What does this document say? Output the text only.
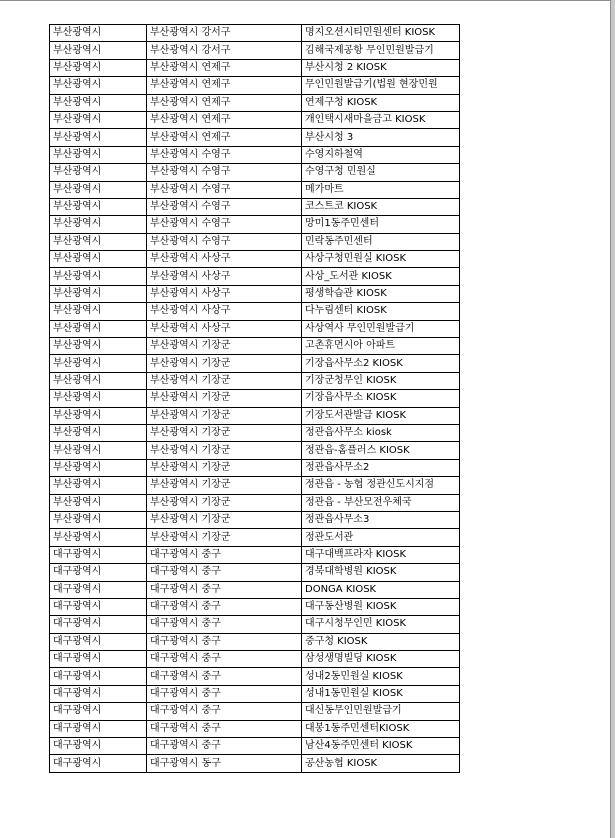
부산광역시	부산광역시 강서구	명지오션시티민원센터 KIOSK
부산광역시	부산광역시 강서구	김해국제공항 무인민원발급기
부산광역시	부산광역시 연제구	부산시청 2 KIOSK
부산광역시	부산광역시 연제구	무인민원발급기(법원 현장민원
부산광역시	부산광역시 연제구	연제구청 KIOSK
부산광역시	부산광역시 연제구	개인택시새마을금고 KIOSK
부산광역시	부산광역시 연제구	부산시청 3
부산광역시	부산광역시 수영구	수영지하철역
부산광역시	부산광역시 수영구	수영구청 민원실
부산광역시	부산광역시 수영구	메가마트
부산광역시	부산광역시 수영구	코스트코 KIOSK
부산광역시	부산광역시 수영구	망미1동주민센터
부산광역시	부산광역시 수영구	민락동주민센터
부산광역시	부산광역시 사상구	사상구청민원실 KIOSK
부산광역시	부산광역시 사상구	사상_도서관 KIOSK
부산광역시	부산광역시 사상구	평생학습관 KIOSK
부산광역시	부산광역시 사상구	다누림센터 KIOSK
부산광역시	부산광역시 사상구	사상역사 무인민원발급기
부산광역시	부산광역시 기장군	고촌휴먼시아 아파트
부산광역시	부산광역시 기장군	기장읍사무소2 KIOSK
부산광역시	부산광역시 기장군	기장군청무인 KIOSK
부산광역시	부산광역시 기장군	기장읍사무소 KIOSK
부산광역시	부산광역시 기장군	기장도서관발급 KIOSK
부산광역시	부산광역시 기장군	정관읍사무소 kiosk
부산광역시	부산광역시 기장군	정관읍-홈플러스 KIOSK
부산광역시	부산광역시 기장군	정관읍사무소2
부산광역시	부산광역시 기장군	정관읍 - 농협 정관신도시지점
부산광역시	부산광역시 기장군	정관읍 - 부산모전우체국
부산광역시	부산광역시 기장군	정관읍사무소3
부산광역시	부산광역시 기장군	정관도서관
대구광역시	대구광역시 중구	대구대백프라자 KIOSK
대구광역시	대구광역시 중구	경북대학병원 KIOSK
대구광역시	대구광역시 중구	DONGA KIOSK
대구광역시	대구광역시 중구	대구동산병원 KIOSK
대구광역시	대구광역시 중구	대구시청무인민 KIOSK
대구광역시	대구광역시 중구	중구청 KIOSK
대구광역시	대구광역시 중구	삼성생명빌딩 KIOSK
대구광역시	대구광역시 중구	성내2동민원실 KIOSK
대구광역시	대구광역시 중구	성내1동민원실 KIOSK
대구광역시	대구광역시 중구	대신동무인민원발급기
대구광역시	대구광역시 중구	대봉1동주민센터KIOSK
대구광역시	대구광역시 중구	남산4동주민센터 KIOSK
대구광역시	대구광역시 동구	공산농협 KIOSK
